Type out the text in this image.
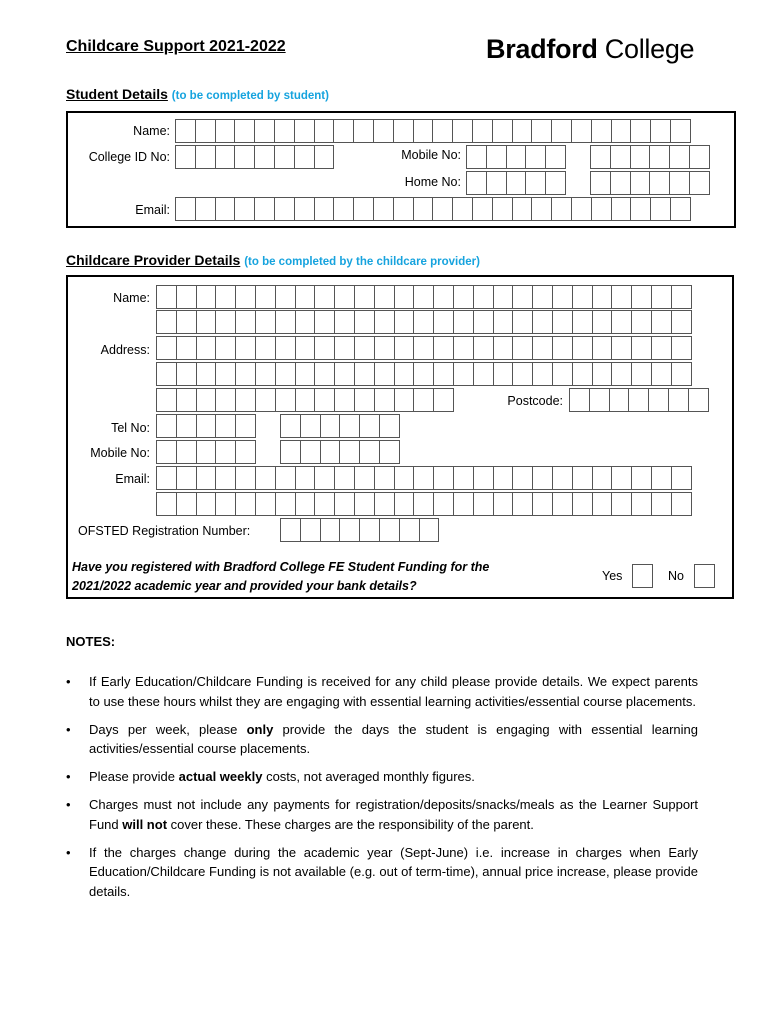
Childcare Support 2021-2022	Bradford College
Student Details (to be completed by student)
Name:
College ID No:	Mobile No:
Home No:
Email:
Childcare Provider Details (to be completed by the childcare provider)
Name:
Address:
Postcode:
Tel No:
Mobile No:
Email:
OFSTED Registration Number:
Have you registered with Bradford College FE Student Funding for the
2021/2022 academic year and provided your bank details?
Yes	No
NOTES:
• If Early Education/Childcare Funding is received for any child please provide details. We expect parents to use these hours whilst they are engaging with essential learning activities/essential course placements.
• Days per week, please only provide the days the student is engaging with essential learning activities/essential course placements.
• Please provide actual weekly costs, not averaged monthly figures.
• Charges must not include any payments for registration/deposits/snacks/meals as the Learner Support Fund will not cover these. These charges are the responsibility of the parent.
• If the charges change during the academic year (Sept-June) i.e. increase in charges when Early Education/Childcare Funding is not available (e.g. out of term-time), annual price increase, please provide details.
